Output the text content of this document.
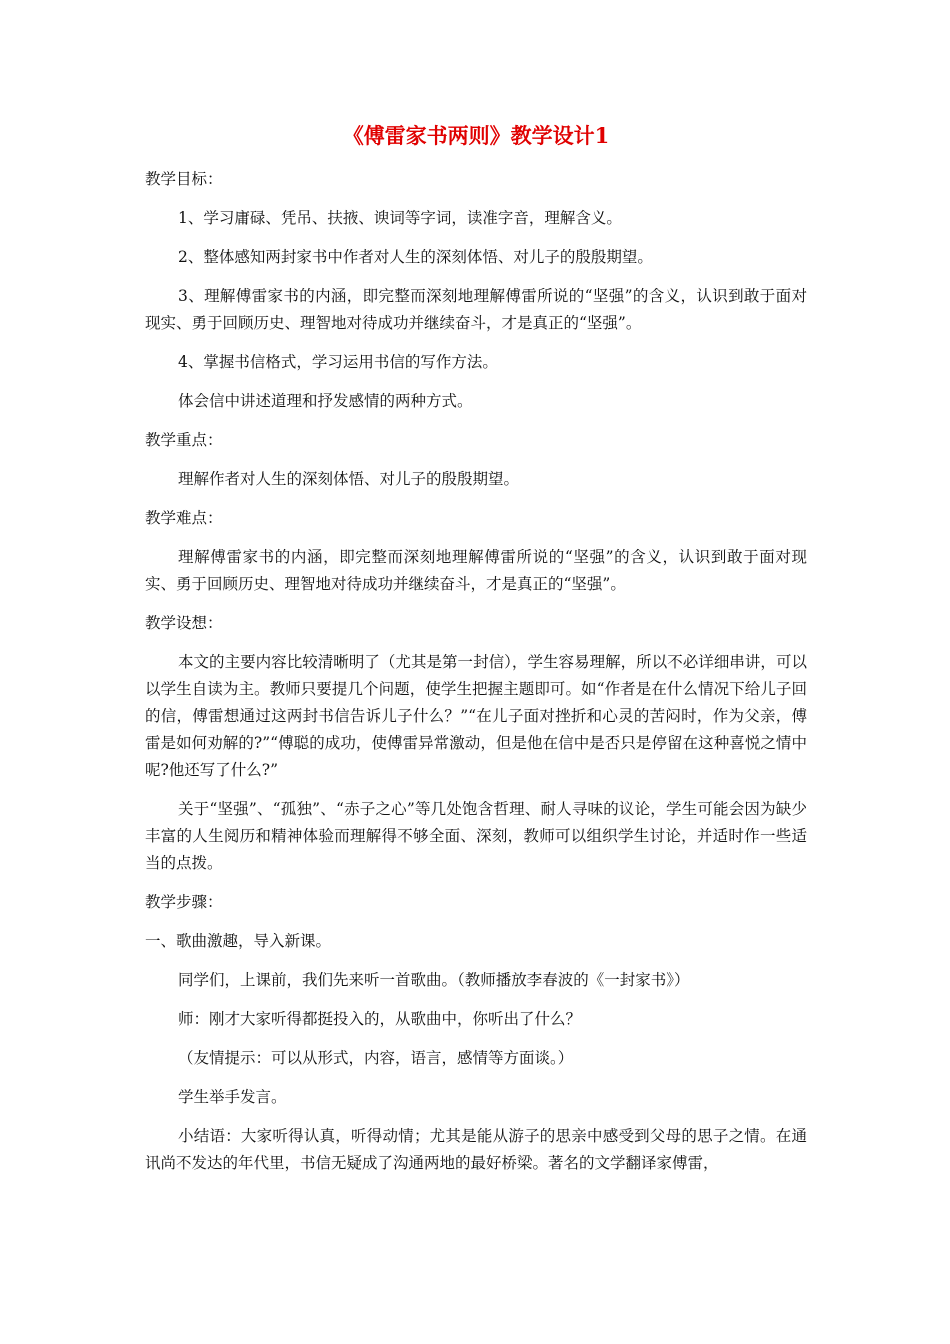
《傅雷家书两则》教学设计1
教学目标：
1、学习庸碌、凭吊、扶掖、谀词等字词，读准字音，理解含义。
2、整体感知两封家书中作者对人生的深刻体悟、对儿子的殷殷期望。
3、理解傅雷家书的内涵，即完整而深刻地理解傅雷所说的“坚强”的含义，认识到敢于面对现实、勇于回顾历史、理智地对待成功并继续奋斗，才是真正的“坚强”。
4、掌握书信格式，学习运用书信的写作方法。
体会信中讲述道理和抒发感情的两种方式。
教学重点：
理解作者对人生的深刻体悟、对儿子的殷殷期望。
教学难点：
理解傅雷家书的内涵，即完整而深刻地理解傅雷所说的“坚强”的含义，认识到敢于面对现实、勇于回顾历史、理智地对待成功并继续奋斗，才是真正的“坚强”。
教学设想：
本文的主要内容比较清晰明了（尤其是第一封信），学生容易理解，所以不必详细串讲，可以以学生自读为主。教师只要提几个问题，使学生把握主题即可。如“作者是在什么情况下给儿子回的信，傅雷想通过这两封书信告诉儿子什么？”“在儿子面对挫折和心灵的苦闷时，作为父亲，傅雷是如何劝解的?”“傅聪的成功，使傅雷异常激动，但是他在信中是否只是停留在这种喜悦之情中呢?他还写了什么?”
关于“坚强”、“孤独”、“赤子之心”等几处饱含哲理、耐人寻味的议论，学生可能会因为缺少丰富的人生阅历和精神体验而理解得不够全面、深刻，教师可以组织学生讨论，并适时作一些适当的点拨。
教学步骤：
一、歌曲激趣，导入新课。
同学们，上课前，我们先来听一首歌曲。（教师播放李春波的《一封家书》）
师：刚才大家听得都挺投入的，从歌曲中，你听出了什么？
（友情提示：可以从形式，内容，语言，感情等方面谈。）
学生举手发言。
小结语：大家听得认真，听得动情；尤其是能从游子的思亲中感受到父母的思子之情。在通讯尚不发达的年代里，书信无疑成了沟通两地的最好桥梁。著名的文学翻译家傅雷，
